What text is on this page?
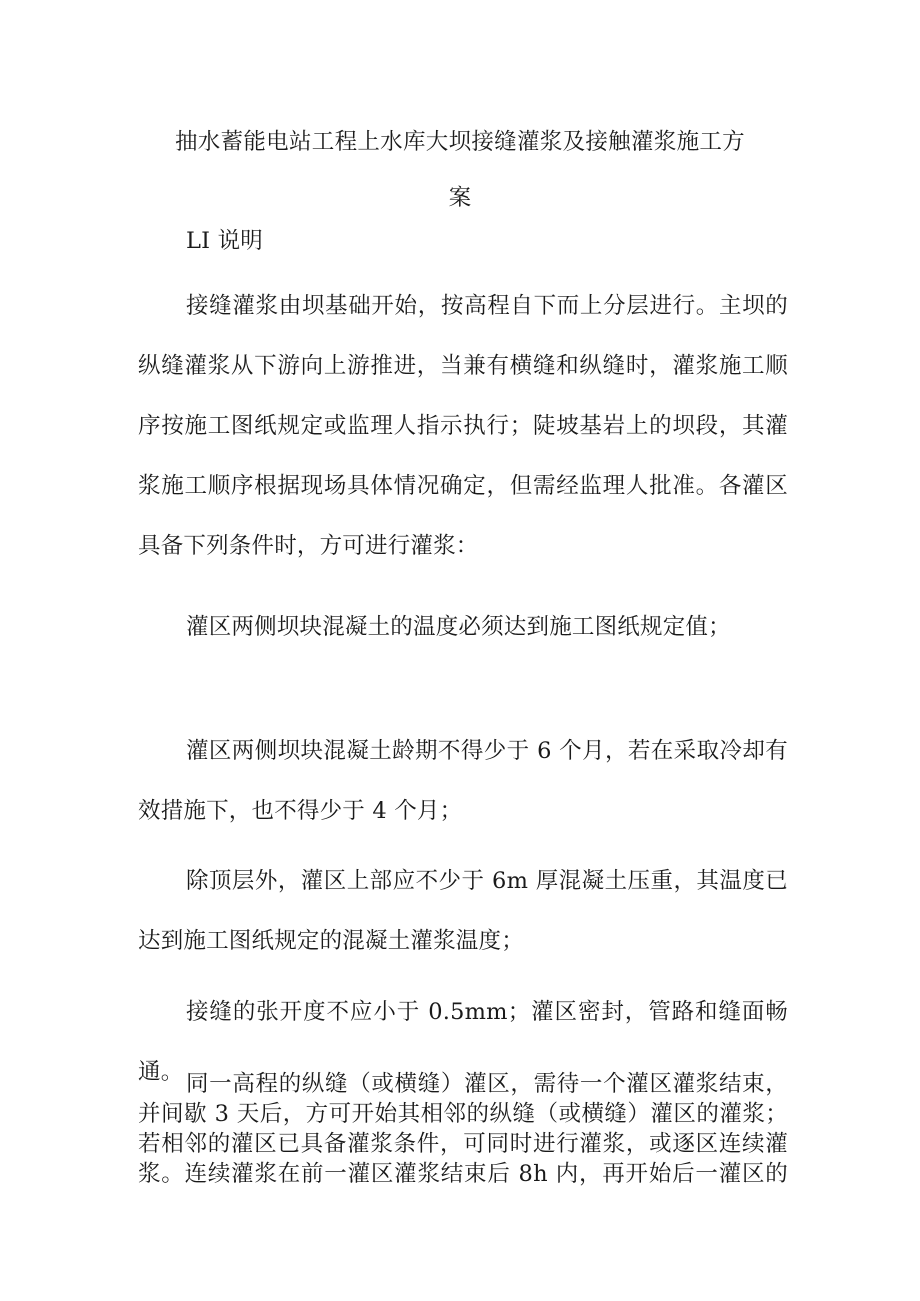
抽水蓄能电站工程上水库大坝接缝灌浆及接触灌浆施工方
案
LI 说明
接缝灌浆由坝基础开始，按高程自下而上分层进行。主坝的
纵缝灌浆从下游向上游推进，当兼有横缝和纵缝时，灌浆施工顺
序按施工图纸规定或监理人指示执行；陡坡基岩上的坝段，其灌
浆施工顺序根据现场具体情况确定，但需经监理人批准。各灌区
具备下列条件时，方可进行灌浆：
灌区两侧坝块混凝土的温度必须达到施工图纸规定值；
灌区两侧坝块混凝土龄期不得少于 6 个月，若在采取冷却有
效措施下，也不得少于 4 个月；
除顶层外，灌区上部应不少于 6m 厚混凝土压重，其温度已
达到施工图纸规定的混凝土灌浆温度；
接缝的张开度不应小于 0.5mm；灌区密封，管路和缝面畅通。 同一高程的纵缝（或横缝）灌区，需待一个灌区灌浆结束，
并间歇 3 天后，方可开始其相邻的纵缝（或横缝）灌区的灌浆；
若相邻的灌区已具备灌浆条件，可同时进行灌浆，或逐区连续灌
浆。连续灌浆在前一灌区灌浆结束后 8h 内，再开始后一灌区的
